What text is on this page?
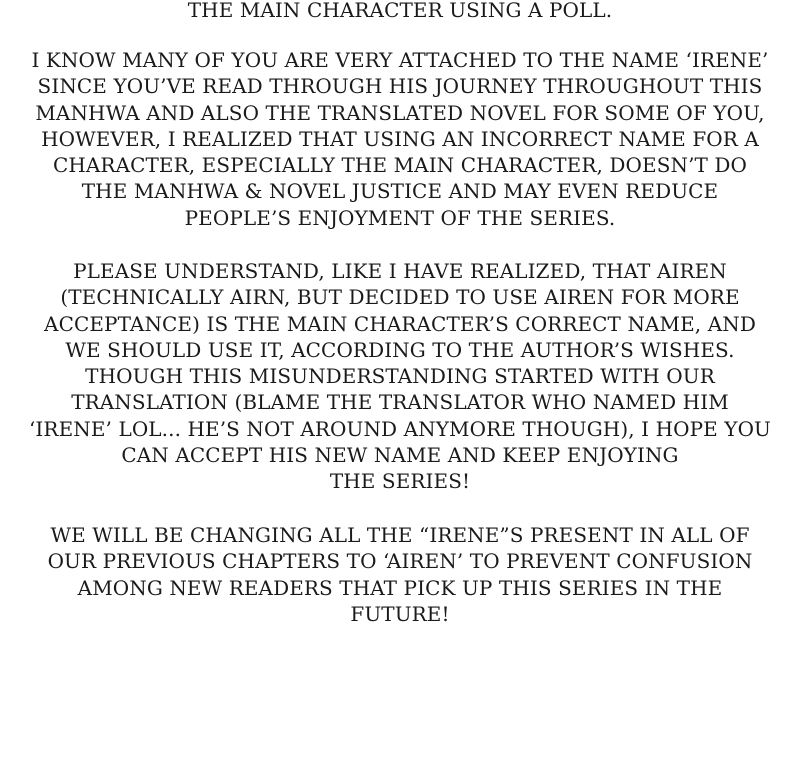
THE MAIN CHARACTER USING A POLL.
I KNOW MANY OF YOU ARE VERY ATTACHED TO THE NAME ‘IRENE’
SINCE YOU’VE READ THROUGH HIS JOURNEY THROUGHOUT THIS
MANHWA AND ALSO THE TRANSLATED NOVEL FOR SOME OF YOU,
HOWEVER, I REALIZED THAT USING AN INCORRECT NAME FOR A
CHARACTER, ESPECIALLY THE MAIN CHARACTER, DOESN’T DO
THE MANHWA & NOVEL JUSTICE AND MAY EVEN REDUCE
PEOPLE’S ENJOYMENT OF THE SERIES.
PLEASE UNDERSTAND, LIKE I HAVE REALIZED, THAT AIREN
(TECHNICALLY AIRN, BUT DECIDED TO USE AIREN FOR MORE
ACCEPTANCE) IS THE MAIN CHARACTER’S CORRECT NAME, AND
WE SHOULD USE IT, ACCORDING TO THE AUTHOR’S WISHES.
THOUGH THIS MISUNDERSTANDING STARTED WITH OUR
TRANSLATION (BLAME THE TRANSLATOR WHO NAMED HIM
‘IRENE’ LOL... HE’S NOT AROUND ANYMORE THOUGH), I HOPE YOU
CAN ACCEPT HIS NEW NAME AND KEEP ENJOYING
THE SERIES!
WE WILL BE CHANGING ALL THE “IRENE”S PRESENT IN ALL OF
OUR PREVIOUS CHAPTERS TO ‘AIREN’ TO PREVENT CONFUSION
AMONG NEW READERS THAT PICK UP THIS SERIES IN THE
FUTURE!
